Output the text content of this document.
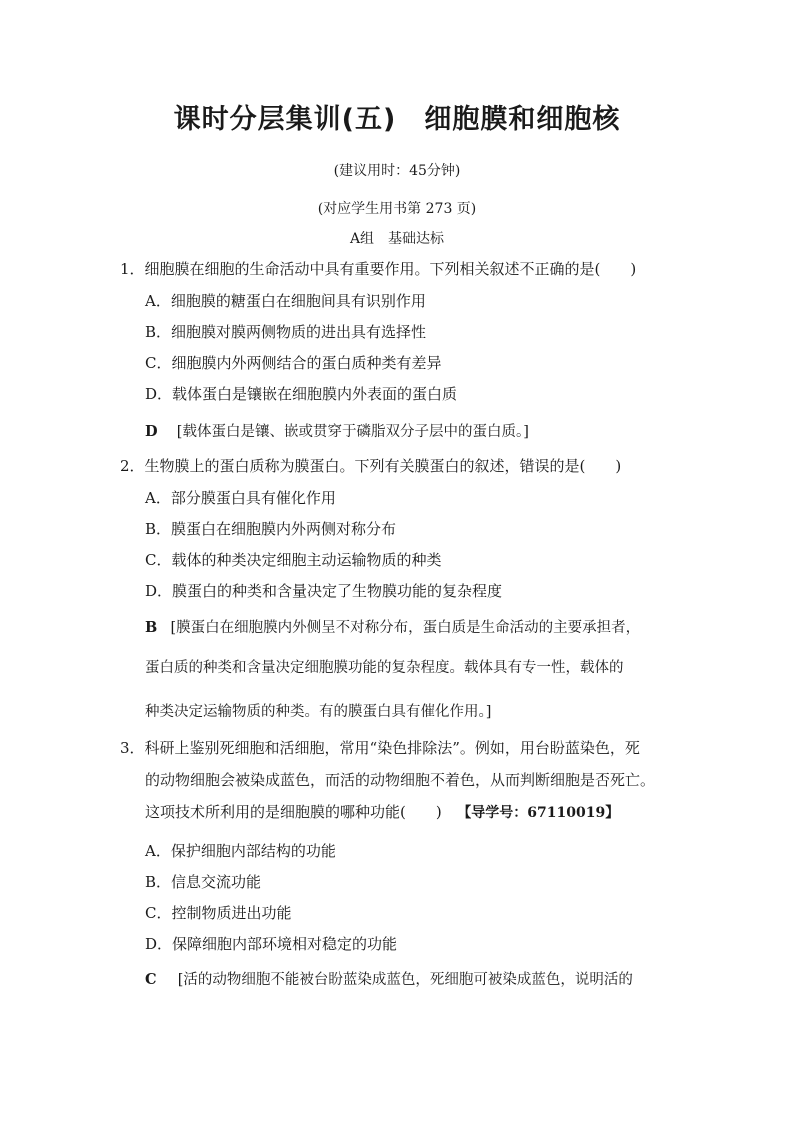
课时分层集训(五)　细胞膜和细胞核
(建议用时：45分钟)
(对应学生用书第 273 页)
A组　基础达标
1．细胞膜在细胞的生命活动中具有重要作用。下列相关叙述不正确的是(　　)
A．细胞膜的糖蛋白在细胞间具有识别作用
B．细胞膜对膜两侧物质的进出具有选择性
C．细胞膜内外两侧结合的蛋白质种类有差异
D．载体蛋白是镶嵌在细胞膜内外表面的蛋白质
D [载体蛋白是镶、嵌或贯穿于磷脂双分子层中的蛋白质。]
2．生物膜上的蛋白质称为膜蛋白。下列有关膜蛋白的叙述，错误的是(　　)
A．部分膜蛋白具有催化作用
B．膜蛋白在细胞膜内外两侧对称分布
C．载体的种类决定细胞主动运输物质的种类
D．膜蛋白的种类和含量决定了生物膜功能的复杂程度
B [膜蛋白在细胞膜内外侧呈不对称分布，蛋白质是生命活动的主要承担者，
蛋白质的种类和含量决定细胞膜功能的复杂程度。载体具有专一性，载体的
种类决定运输物质的种类。有的膜蛋白具有催化作用。]
3．科研上鉴别死细胞和活细胞，常用“染色排除法”。例如，用台盼蓝染色，死
的动物细胞会被染成蓝色，而活的动物细胞不着色，从而判断细胞是否死亡。
这项技术所利用的是细胞膜的哪种功能(　　) 【导学号：67110019】
A．保护细胞内部结构的功能
B．信息交流功能
C．控制物质进出功能
D．保障细胞内部环境相对稳定的功能
C [活的动物细胞不能被台盼蓝染成蓝色，死细胞可被染成蓝色，说明活的
